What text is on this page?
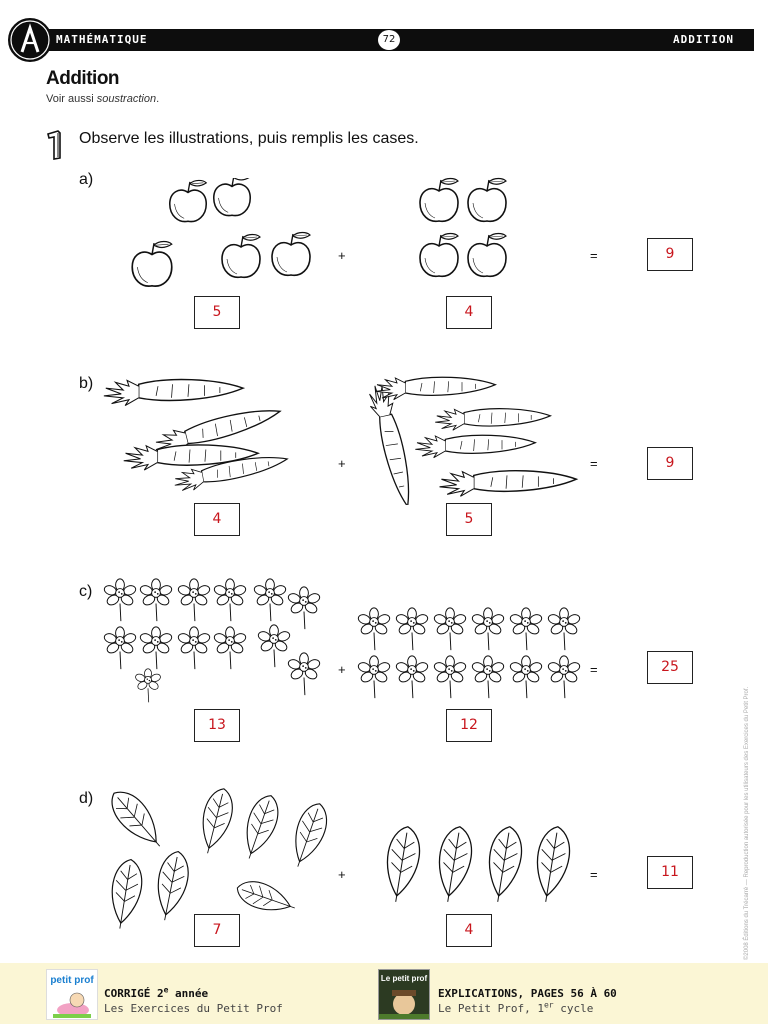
MATHÉMATIQUE	72	ADDITION
Addition
Voir aussi soustraction.
Observe les illustrations, puis remplis les cases.
a)
+	=
5	4
9
b)
+	=
4	5
9
c)
+	=
13	12
25
d)
+	=
7	4
11	©2008 Éditions du Trécarré — Reproduction autorisée pour les utilisateurs des Exercices du Petit Prof.
petit prof
CORRIGÉ 2e année
Les Exercices du Petit Prof
Le petit prof
EXPLICATIONS, PAGES 56 À 60
Le Petit Prof, 1er cycle
